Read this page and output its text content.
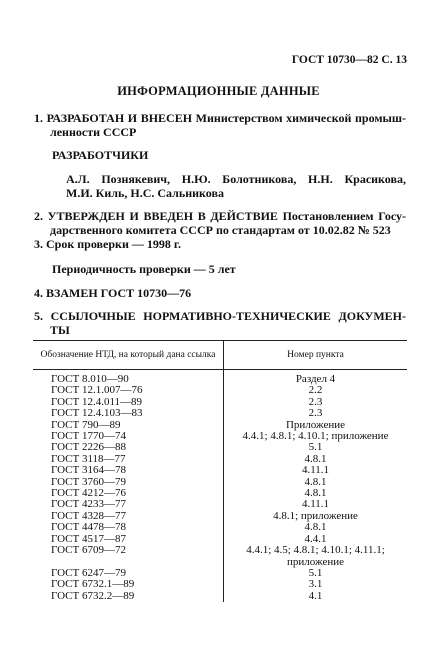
ГОСТ 10730—82 С. 13
ИНФОРМАЦИОННЫЕ ДАННЫЕ
1. РАЗРАБОТАН И ВНЕСЕН Министерством химической промыш-
ленности СССР
РАЗРАБОТЧИКИ
А.Л. Познякевич, Н.Ю. Болотникова, Н.Н. Красикова,
М.И. Киль, Н.С. Сальникова
2. УТВЕРЖДЕН И ВВЕДЕН В ДЕЙСТВИЕ Постановлением Госу-
дарственного комитета СССР по стандартам от 10.02.82 № 523
3. Срок проверки — 1998 г.
Периодичность проверки — 5 лет
4. ВЗАМЕН ГОСТ 10730—76
5. ССЫЛОЧНЫЕ НОРМАТИВНО-ТЕХНИЧЕСКИЕ ДОКУМЕН-
ТЫ
Обозначение НТД, на который дана ссылка	Номер пункта
ГОСТ 8.010—90	Раздел 4

ГОСТ 12.1.007—76	2.2

ГОСТ 12.4.011—89	2.3

ГОСТ 12.4.103—83	2.3

ГОСТ 790—89	Приложение

ГОСТ 1770—74	4.4.1; 4.8.1; 4.10.1; приложение

ГОСТ 2226—88	5.1

ГОСТ 3118—77	4.8.1

ГОСТ 3164—78	4.11.1

ГОСТ 3760—79	4.8.1

ГОСТ 4212—76	4.8.1

ГОСТ 4233—77	4.11.1

ГОСТ 4328—77	4.8.1; приложение

ГОСТ 4478—78	4.8.1

ГОСТ 4517—87	4.4.1

ГОСТ 6709—72	4.4.1; 4.5; 4.8.1; 4.10.1; 4.11.1;
приложение

ГОСТ 6247—79	5.1

ГОСТ 6732.1—89	3.1

ГОСТ 6732.2—89	4.1
